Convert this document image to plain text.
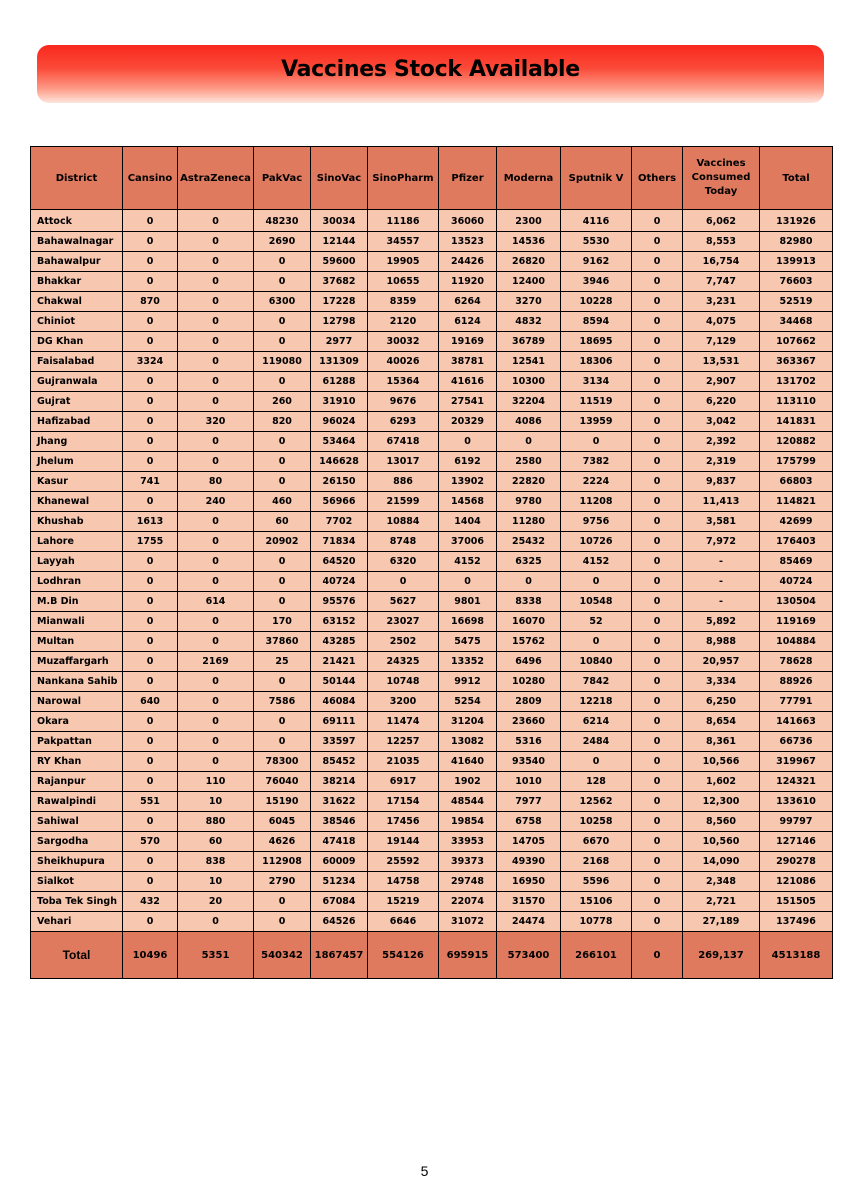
Vaccines Stock Available
District	Cansino	AstraZeneca	PakVac	SinoVac	SinoPharm	Pfizer	Moderna	Sputnik V	Others	Vaccines Consumed Today	Total

Attock	0	0	48230	30034	11186	36060	2300	4116	0	6,062	131926
Bahawalnagar	0	0	2690	12144	34557	13523	14536	5530	0	8,553	82980
Bahawalpur	0	0	0	59600	19905	24426	26820	9162	0	16,754	139913
Bhakkar	0	0	0	37682	10655	11920	12400	3946	0	7,747	76603
Chakwal	870	0	6300	17228	8359	6264	3270	10228	0	3,231	52519
Chiniot	0	0	0	12798	2120	6124	4832	8594	0	4,075	34468
DG Khan	0	0	0	2977	30032	19169	36789	18695	0	7,129	107662
Faisalabad	3324	0	119080	131309	40026	38781	12541	18306	0	13,531	363367
Gujranwala	0	0	0	61288	15364	41616	10300	3134	0	2,907	131702
Gujrat	0	0	260	31910	9676	27541	32204	11519	0	6,220	113110
Hafizabad	0	320	820	96024	6293	20329	4086	13959	0	3,042	141831
Jhang	0	0	0	53464	67418	0	0	0	0	2,392	120882
Jhelum	0	0	0	146628	13017	6192	2580	7382	0	2,319	175799
Kasur	741	80	0	26150	886	13902	22820	2224	0	9,837	66803
Khanewal	0	240	460	56966	21599	14568	9780	11208	0	11,413	114821
Khushab	1613	0	60	7702	10884	1404	11280	9756	0	3,581	42699
Lahore	1755	0	20902	71834	8748	37006	25432	10726	0	7,972	176403
Layyah	0	0	0	64520	6320	4152	6325	4152	0	-	85469
Lodhran	0	0	0	40724	0	0	0	0	0	-	40724
M.B Din	0	614	0	95576	5627	9801	8338	10548	0	-	130504
Mianwali	0	0	170	63152	23027	16698	16070	52	0	5,892	119169
Multan	0	0	37860	43285	2502	5475	15762	0	0	8,988	104884
Muzaffargarh	0	2169	25	21421	24325	13352	6496	10840	0	20,957	78628
Nankana Sahib	0	0	0	50144	10748	9912	10280	7842	0	3,334	88926
Narowal	640	0	7586	46084	3200	5254	2809	12218	0	6,250	77791
Okara	0	0	0	69111	11474	31204	23660	6214	0	8,654	141663
Pakpattan	0	0	0	33597	12257	13082	5316	2484	0	8,361	66736
RY Khan	0	0	78300	85452	21035	41640	93540	0	0	10,566	319967
Rajanpur	0	110	76040	38214	6917	1902	1010	128	0	1,602	124321
Rawalpindi	551	10	15190	31622	17154	48544	7977	12562	0	12,300	133610
Sahiwal	0	880	6045	38546	17456	19854	6758	10258	0	8,560	99797
Sargodha	570	60	4626	47418	19144	33953	14705	6670	0	10,560	127146
Sheikhupura	0	838	112908	60009	25592	39373	49390	2168	0	14,090	290278
Sialkot	0	10	2790	51234	14758	29748	16950	5596	0	2,348	121086
Toba Tek Singh	432	20	0	67084	15219	22074	31570	15106	0	2,721	151505
Vehari	0	0	0	64526	6646	31072	24474	10778	0	27,189	137496
Total	10496	5351	540342	1867457	554126	695915	573400	266101	0	269,137	4513188
5
